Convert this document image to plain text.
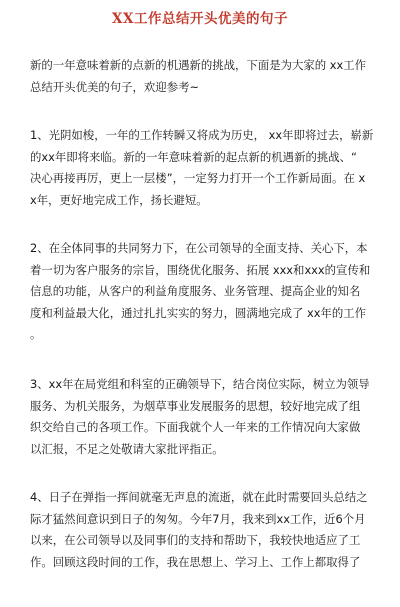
XX工作总结开头优美的句子
新的一年意味着新的点新的机遇新的挑战，下面是为大家的 xx工作
总结开头优美的句子，欢迎参考~
1、光阴如梭，一年的工作转瞬又将成为历史， xx年即将过去，崭新
的xx年即将来临。新的一年意味着新的起点新的机遇新的挑战、“
决心再接再厉，更上一层楼”，一定努力打开一个工作新局面。在 x
x年，更好地完成工作，扬长避短。
2、在全体同事的共同努力下，在公司领导的全面支持、关心下，本
着一切为客户服务的宗旨，围绕优化服务、拓展 xxx和xxx的宣传和
信息的功能，从客户的利益角度服务、业务管理、提高企业的知名
度和利益最大化，通过扎扎实实的努力，圆满地完成了 xx年的工作
。
3、xx年在局党组和科室的正确领导下，结合岗位实际，树立为领导
服务、为机关服务，为烟草事业发展服务的思想，较好地完成了组
织交给自己的各项工作。下面我就个人一年来的工作情况向大家做
以汇报，不足之处敬请大家批评指正。
4、日子在弹指一挥间就毫无声息的流逝，就在此时需要回头总结之
际才猛然间意识到日子的匆匆。今年7月，我来到xx工作，近6个月
以来，在公司领导以及同事们的支持和帮助下，我较快地适应了工
作。回顾这段时间的工作，我在思想上、学习上、工作上都取得了
